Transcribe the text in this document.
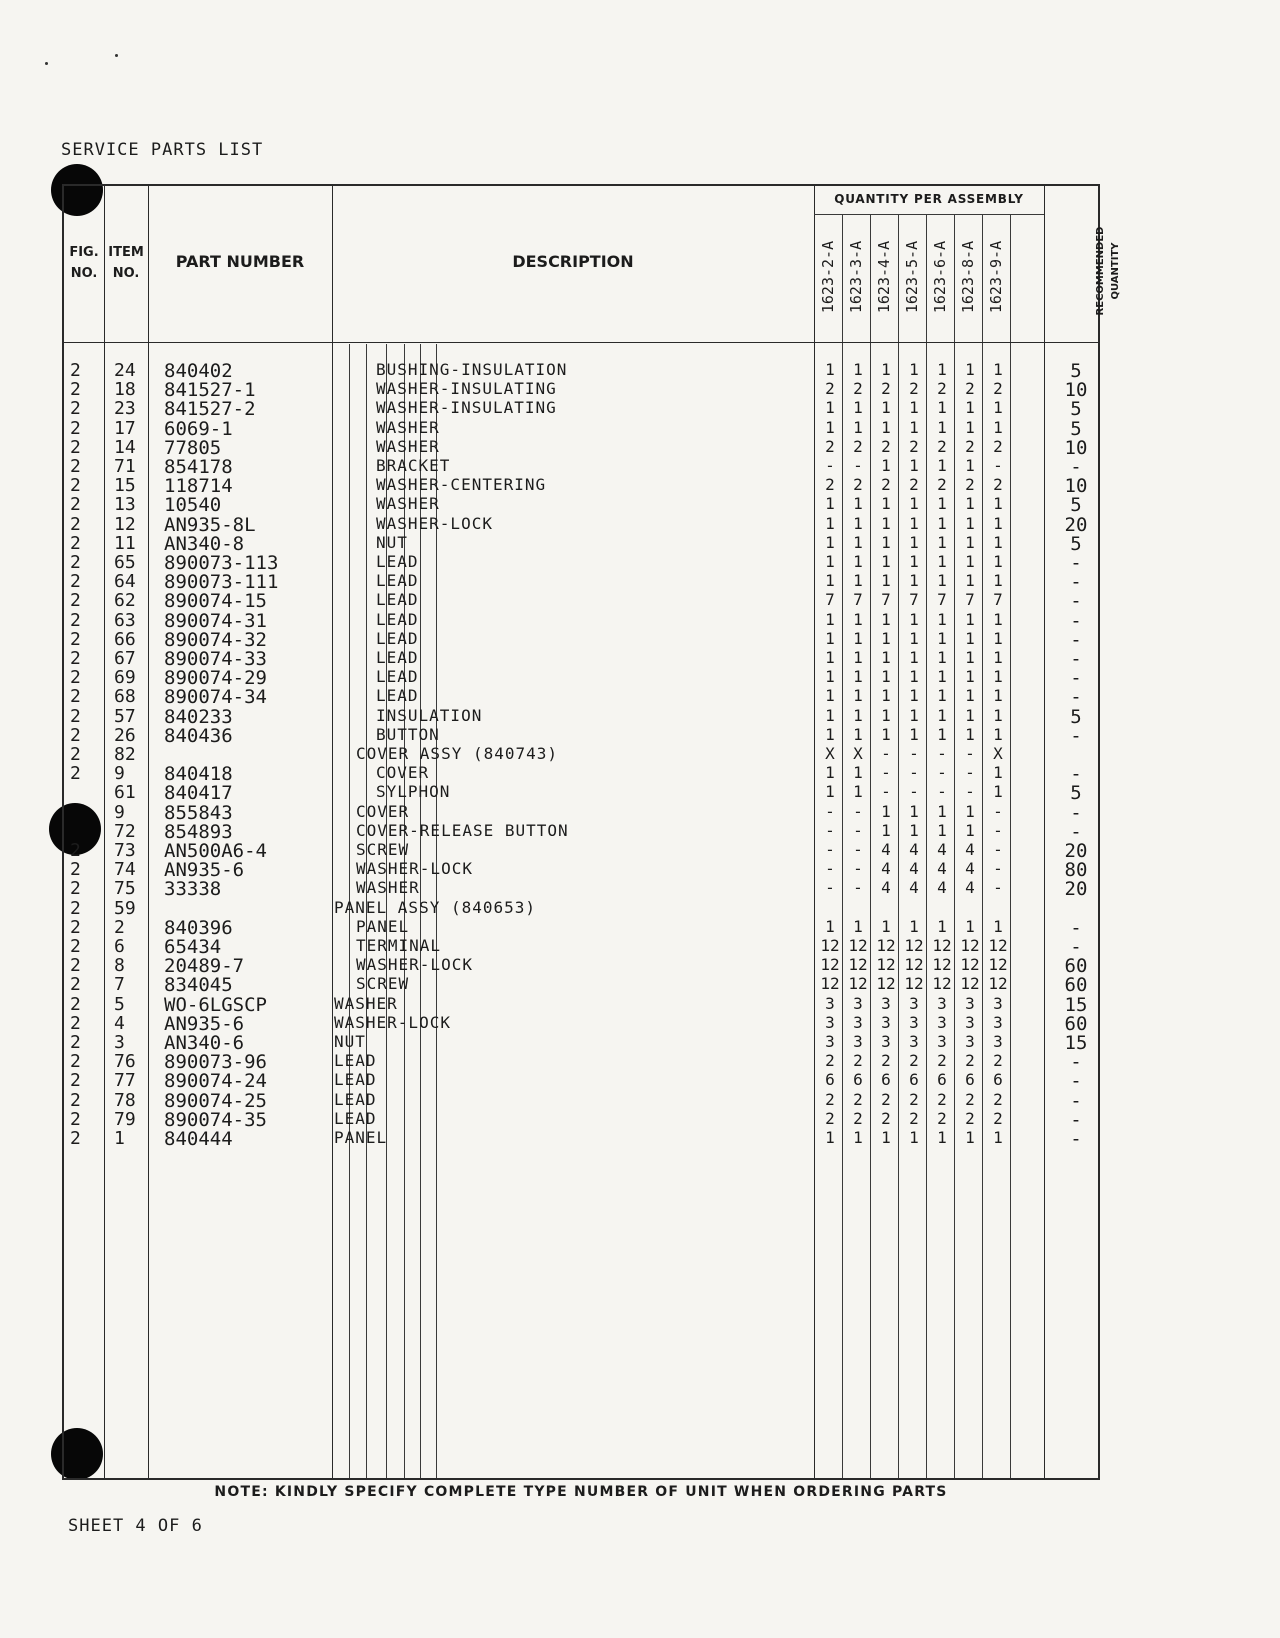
SERVICE PARTS LIST
FIG. NO.
ITEM NO.
PART NUMBER	DESCRIPTION
QUANTITY PER ASSEMBLY
1623-2-A 1623-3-A 1623-4-A 1623-5-A 1623-6-A 1623-8-A 1623-9-A	RECOMMENDED QUANTITY
2 24 840402	BUSHING-INSULATION	1	1	1	1	1	1	1	5
2 18 841527-1	WASHER-INSULATING	2	2	2	2	2	2	2	10
2 23 841527-2	WASHER-INSULATING	1	1	1	1	1	1	1	5
2 17 6069-1	WASHER	1	1	1	1	1	1	1	5
2 14 77805	WASHER	2	2	2	2	2	2	2	10
2 71 854178	BRACKET	-	-	1	1	1	1	-	-
2 15 118714	WASHER-CENTERING	2	2	2	2	2	2	2	10
2 13 10540	WASHER	1	1	1	1	1	1	1	5
2 12 AN935-8L	WASHER-LOCK	1	1	1	1	1	1	1	20
2 11 AN340-8	NUT	1	1	1	1	1	1	1	5
2 65 890073-113	LEAD	1	1	1	1	1	1	1	-
2 64 890073-111	LEAD	1	1	1	1	1	1	1	-
2 62 890074-15	LEAD	7	7	7	7	7	7	7	-
2 63 890074-31	LEAD	1	1	1	1	1	1	1	-
2 66 890074-32	LEAD	1	1	1	1	1	1	1	-
2 67 890074-33	LEAD	1	1	1	1	1	1	1	-
2 69 890074-29	LEAD	1	1	1	1	1	1	1	-
2 68 890074-34	LEAD	1	1	1	1	1	1	1	-
2 57 840233	INSULATION	1	1	1	1	1	1	1	5
2 26 840436	BUTTON	1	1	1	1	1	1	1	-
2 82	COVER ASSY (840743)	X	X	-	-	-	-	X
2 9 840418	COVER	1	1	-	-	-	-	1	-
61 840417	SYLPHON	1	1	-	-	-	-	1	5
9 855843	COVER	-	-	1	1	1	1	-	-
72 854893	COVER-RELEASE BUTTON	-	-	1	1	1	1	-	-
2 73 AN500A6-4	SCREW	-	-	4	4	4	4	-	20
2 74 AN935-6	WASHER-LOCK	-	-	4	4	4	4	-	80
2 75 33338	WASHER	-	-	4	4	4	4	-	20
2 59	PANEL ASSY (840653)
2 2 840396	PANEL	1	1	1	1	1	1	1	-
2 6 65434	TERMINAL	12 12 12 12 12 12 12	-
2 8 20489-7	WASHER-LOCK	12 12 12 12 12 12 12	60
2 7 834045	SCREW	12 12 12 12 12 12 12	60
2 5 WO-6LGSCP	WASHER	3	3	3	3	3	3	3	15
2 4 AN935-6	WASHER-LOCK	3	3	3	3	3	3	3	60
2 3 AN340-6	NUT	3	3	3	3	3	3	3	15
2 76 890073-96	LEAD	2	2	2	2	2	2	2	-
2 77 890074-24	LEAD	6	6	6	6	6	6	6	-
2 78 890074-25	LEAD	2	2	2	2	2	2	2	-
2 79 890074-35	LEAD	2	2	2	2	2	2	2	-
2 1 840444	PANEL	1	1	1	1	1	1	1	-
NOTE: KINDLY SPECIFY COMPLETE TYPE NUMBER OF UNIT WHEN ORDERING PARTS
SHEET 4 OF 6
